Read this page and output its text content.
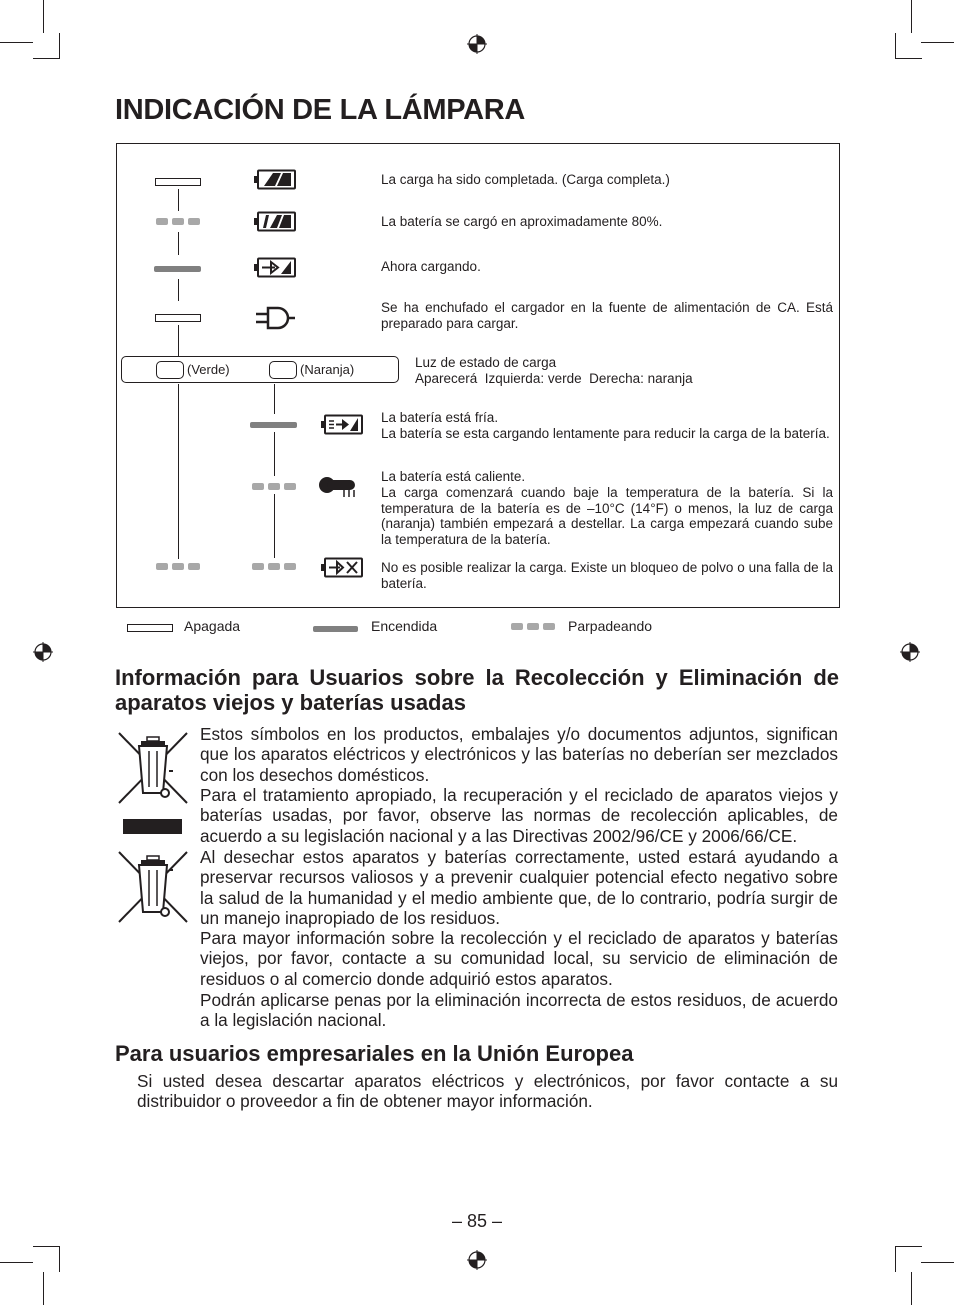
INDICACIÓN DE LA LÁMPARA
La carga ha sido completada. (Carga completa.)
La batería se cargó en aproximadamente 80%.
Ahora cargando.
Se ha enchufado el cargador en la fuente de alimentación de CA. Está preparado para cargar.
(Verde)	(Naranja)	Luz de estado de carga
Aparecerá  Izquierda: verde  Derecha: naranja
La batería está fría.
La batería se esta cargando lentamente para reducir la carga de la batería.
La batería está caliente.
La carga comenzará cuando baje la temperatura de la batería. Si la temperatura de la batería es de –10°C (14°F) o menos, la luz de carga (naranja) también empezará a destellar. La carga empezará cuando sube la temperatura de la batería.
No es posible realizar la carga. Existe un bloqueo de polvo o una falla de la batería.
Apagada	Encendida	Parpadeando
Información para Usuarios sobre la Recolección y Eliminación de aparatos viejos y baterías usadas
Estos símbolos en los productos, embalajes y/o documentos adjuntos, significan que los aparatos eléctricos y electrónicos y las baterías no deberían ser mezclados con los desechos domésticos.
Para el tratamiento apropiado, la recuperación y el reciclado de aparatos viejos y baterías usadas, por favor, observe las normas de recolección aplicables, de acuerdo a su legislación nacional y a las Directivas 2002/96/CE y 2006/66/CE.
Al desechar estos aparatos y baterías correctamente, usted estará ayudando a preservar recursos valiosos y a prevenir cualquier potencial efecto negativo sobre la salud de la humanidad y el medio ambiente que, de lo contrario, podría surgir de un manejo inapropiado de los residuos.
Para mayor información sobre la recolección y el reciclado de aparatos y baterías viejos, por favor, contacte a su comunidad local, su servicio de eliminación de residuos o al comercio donde adquirió estos aparatos.
Podrán aplicarse penas por la eliminación incorrecta de estos residuos, de acuerdo a la legislación nacional.
Para usuarios empresariales en la Unión Europea
Si usted desea descartar aparatos eléctricos y electrónicos, por favor contacte a su distribuidor o proveedor a fin de obtener mayor información.
– 85 –
